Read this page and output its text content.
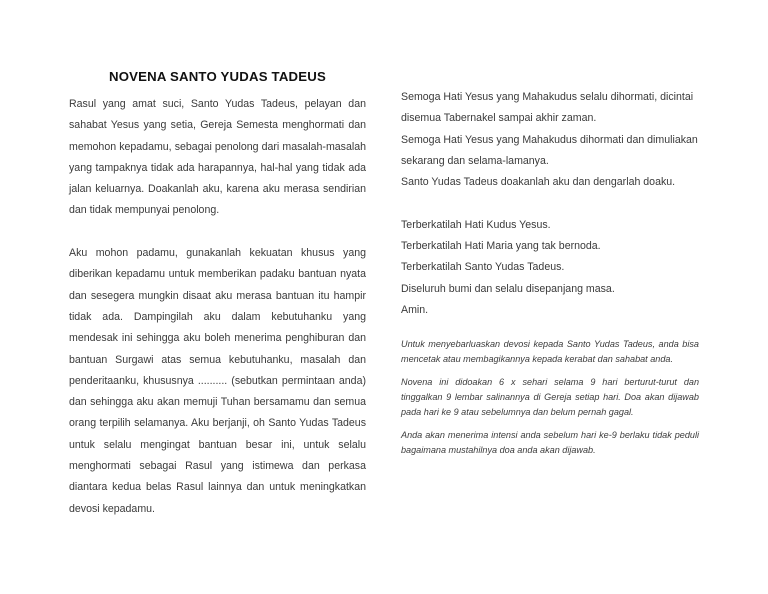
NOVENA SANTO YUDAS TADEUS

Rasul yang amat suci, Santo Yudas Tadeus, pelayan dan sahabat Yesus yang setia, Gereja Semesta menghormati dan memohon kepadamu, sebagai penolong dari masalah-masalah yang tampaknya tidak ada harapannya, hal-hal yang tidak ada jalan keluarnya. Doakanlah aku, karena aku merasa sendirian dan tidak mempunyai penolong.

Aku mohon padamu, gunakanlah kekuatan khusus yang diberikan kepadamu untuk memberikan padaku bantuan nyata dan sesegera mungkin disaat aku merasa bantuan itu hampir tidak ada. Dampingilah aku dalam kebutuhanku yang mendesak ini sehingga aku boleh menerima penghiburan dan bantuan Surgawi atas semua kebutuhanku, masalah dan penderitaanku, khususnya .......... (sebutkan permintaan anda) dan sehingga aku akan memuji Tuhan bersamamu dan semua orang terpilih selamanya. Aku berjanji, oh Santo Yudas Tadeus untuk selalu mengingat bantuan besar ini, untuk selalu menghormati sebagai Rasul yang istimewa dan perkasa diantara kedua belas Rasul lainnya dan untuk meningkatkan devosi kepadamu.

Semoga Hati Yesus yang Mahakudus selalu dihormati, dicintai

disemua Tabernakel sampai akhir zaman.

Semoga Hati Yesus yang Mahakudus dihormati dan dimuliakan

sekarang dan selama-lamanya.

Santo Yudas Tadeus doakanlah aku dan dengarlah doaku.

Terberkatilah Hati Kudus Yesus.

Terberkatilah Hati Maria yang tak bernoda.

Terberkatilah Santo Yudas Tadeus.

Diseluruh bumi dan selalu disepanjang masa.

Amin.

Untuk menyebarluaskan devosi kepada Santo Yudas Tadeus, anda bisa mencetak atau membagikannya kepada kerabat dan sahabat anda.

Novena ini didoakan 6 x sehari selama 9 hari berturut-turut dan tinggalkan 9 lembar salinannya di Gereja setiap hari. Doa akan dijawab pada hari ke 9 atau sebelumnya dan belum pernah gagal.

Anda akan menerima intensi anda sebelum hari ke-9 berlaku tidak peduli bagaimana mustahilnya doa anda akan dijawab.
